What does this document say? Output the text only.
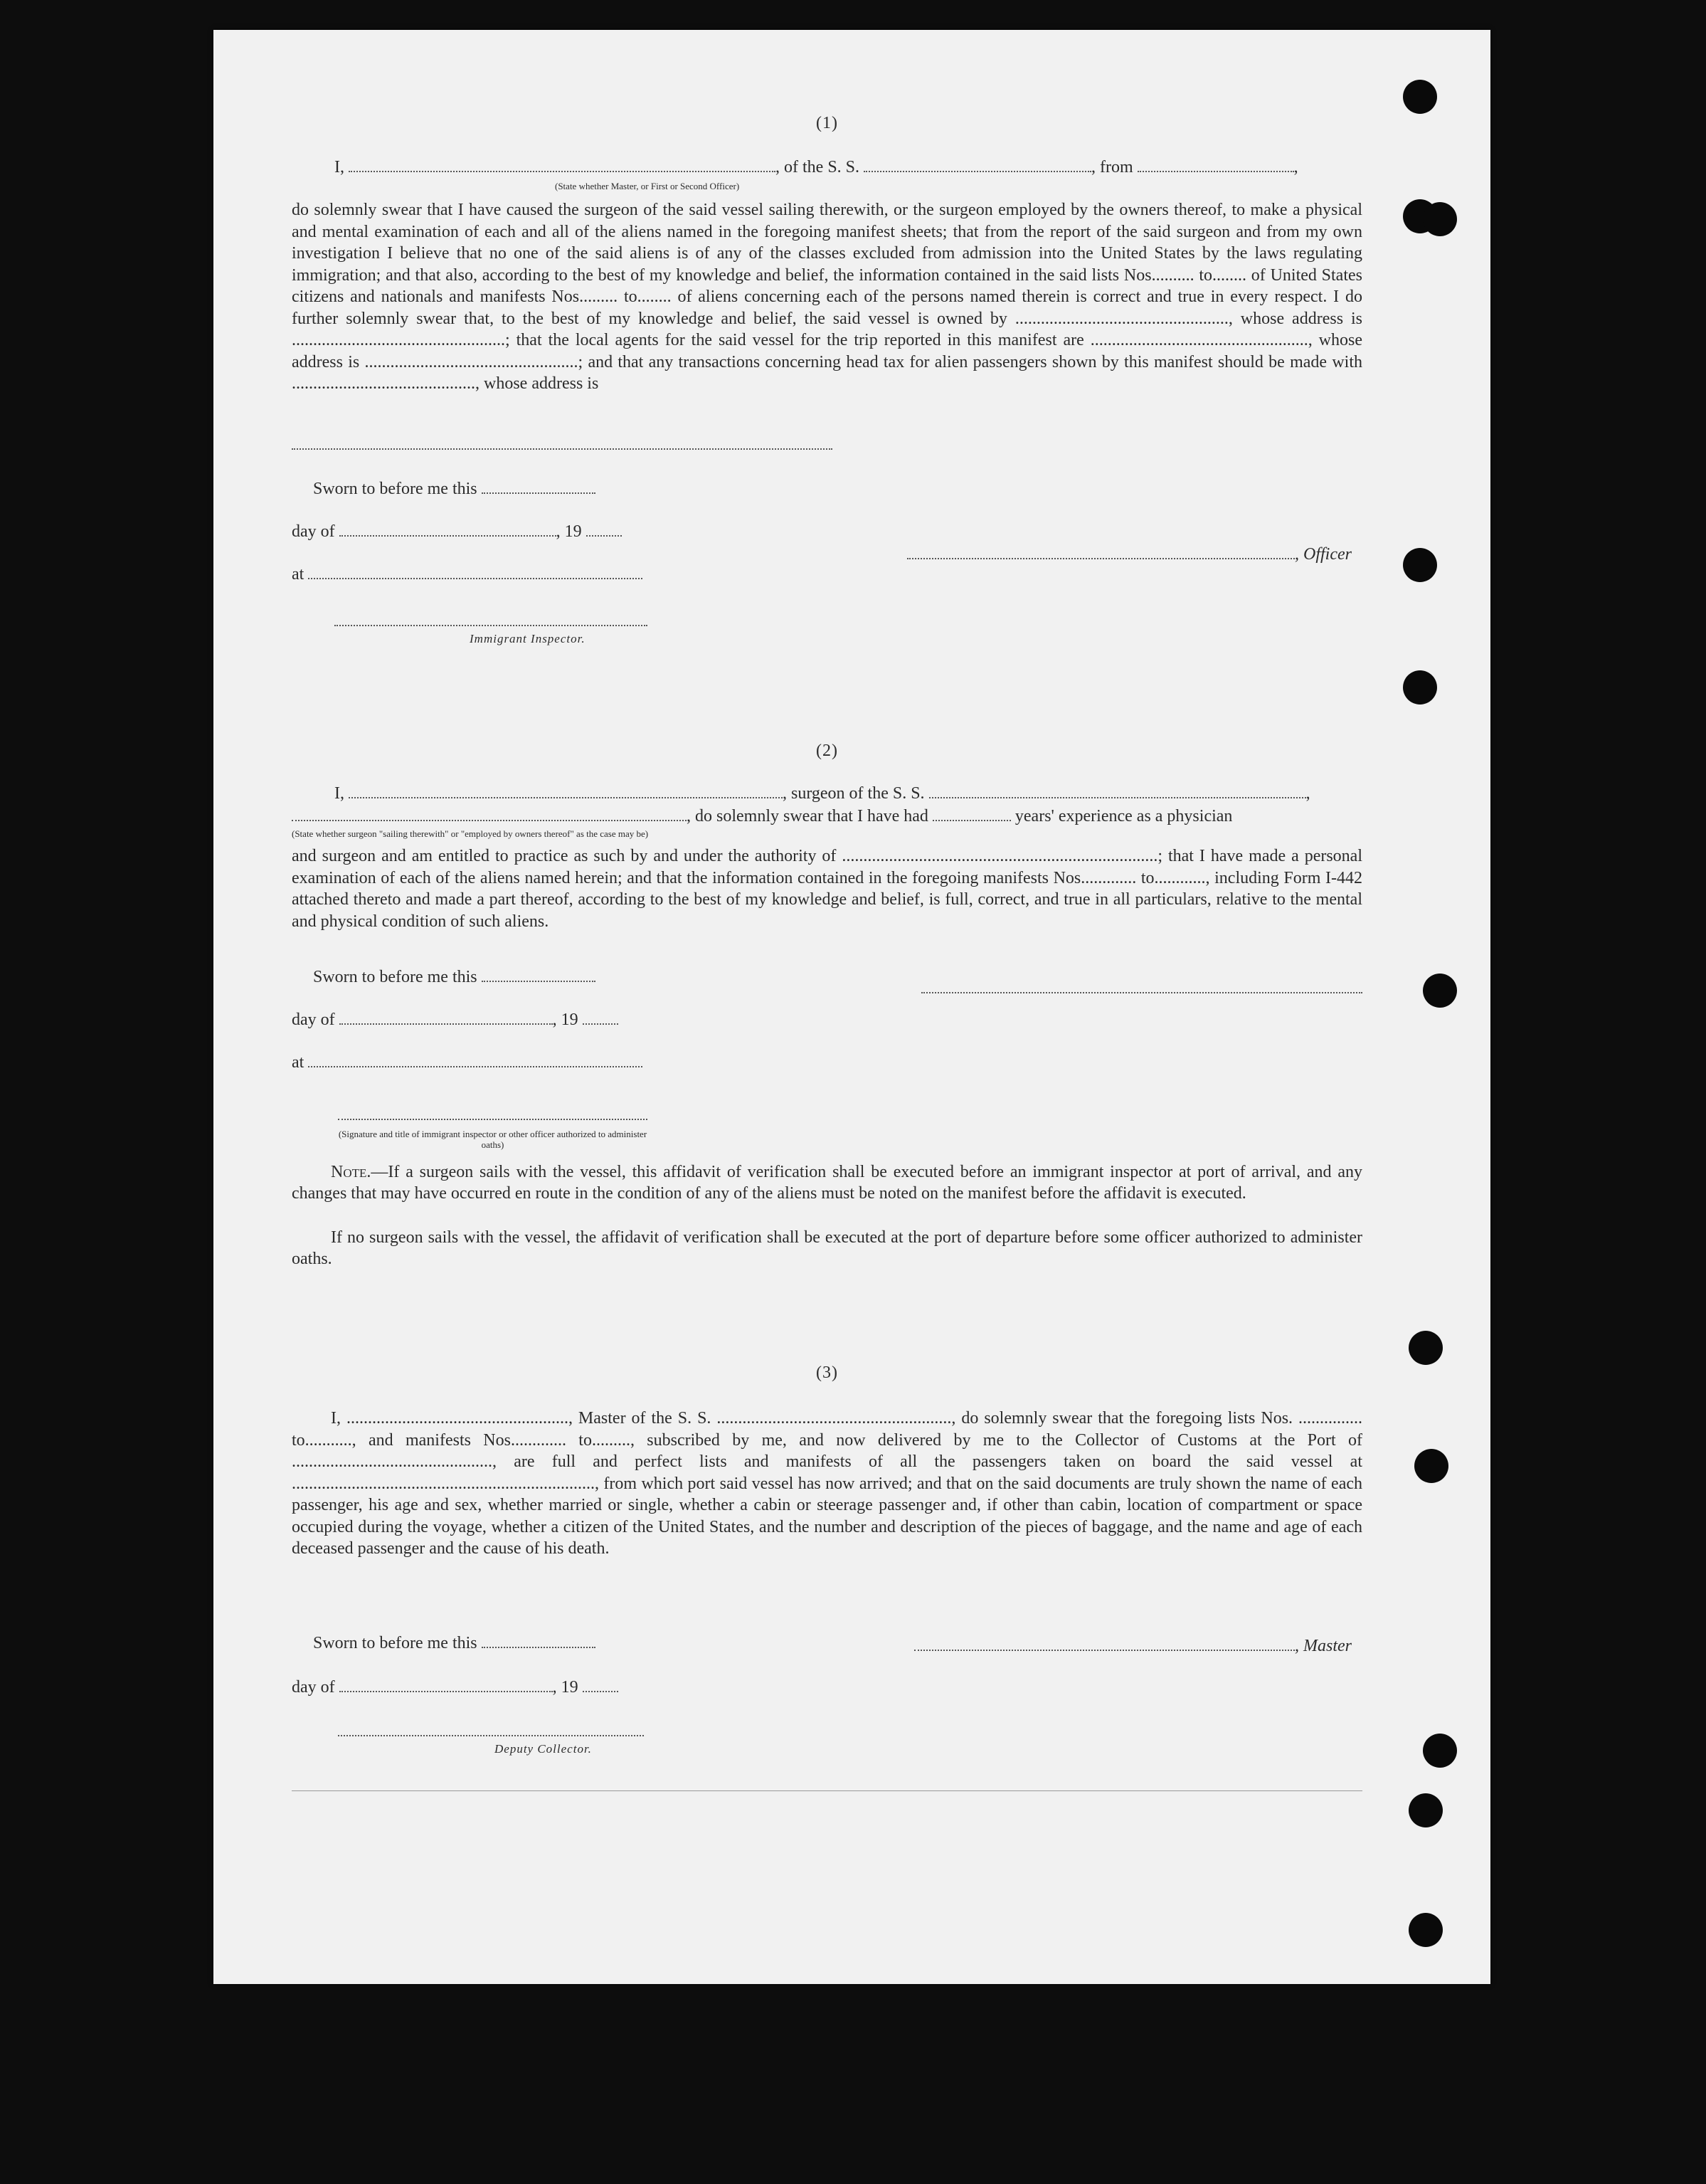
(1)
I,	, of the S. S.	, from	,
(State whether Master, or First or Second Officer)

do solemnly swear that I have caused the surgeon of the said vessel sailing therewith, or the surgeon employed by the owners thereof, to make a physical and mental examination of each and all of the aliens named in the foregoing manifest sheets; that from the report of the said surgeon and from my own investigation I believe that no one of the said aliens is of any of the classes excluded from admission into the United States by the laws regulating immigration; and that also, according to the best of my knowledge and belief, the information contained in the said lists Nos.......... to........ of United States citizens and nationals and manifests Nos......... to........ of aliens concerning each of the persons named therein is correct and true in every respect. I do further solemnly swear that, to the best of my knowledge and belief, the said vessel is owned by .................................................., whose address is ..................................................; that the local agents for the said vessel for the trip reported in this manifest are ..................................................., whose address is ..................................................; and that any transactions concerning head tax for alien passengers shown by this manifest should be made with ..........................................., whose address is

Sworn to before me this
day of	, 19
at
, Officer
Immigrant Inspector.
(2)
I,	, surgeon of the S. S.	,
, do solemnly swear that I have had	years' experience as a physician
(State whether surgeon "sailing therewith" or "employed by owners thereof" as the case may be)

and surgeon and am entitled to practice as such by and under the authority of ..........................................................................; that I have made a personal examination of each of the aliens named herein; and that the information contained in the foregoing manifests Nos............. to............, including Form I-442 attached thereto and made a part thereof, according to the best of my knowledge and belief, is full, correct, and true in all particulars, relative to the mental and physical condition of such aliens.

Sworn to before me this
day of	, 19
at
(Signature and title of immigrant inspector or other officer authorized to administer oaths)

Note.—If a surgeon sails with the vessel, this affidavit of verification shall be executed before an immigrant inspector at port of arrival, and any changes that may have occurred en route in the condition of any of the aliens must be noted on the manifest before the affidavit is executed.

If no surgeon sails with the vessel, the affidavit of verification shall be executed at the port of departure before some officer authorized to administer oaths.

(3)

I, ...................................................., Master of the S. S. ......................................................., do solemnly swear that the foregoing lists Nos. ............... to..........., and manifests Nos............. to........., subscribed by me, and now delivered by me to the Collector of Customs at the Port of ..............................................., are full and perfect lists and manifests of all the passengers taken on board the said vessel at ......................................................................., from which port said vessel has now arrived; and that on the said documents are truly shown the name of each passenger, his age and sex, whether married or single, whether a cabin or steerage passenger and, if other than cabin, location of compartment or space occupied during the voyage, whether a citizen of the United States, and the number and description of the pieces of baggage, and the name and age of each deceased passenger and the cause of his death.

Sworn to before me this	, Master
day of	, 19
Deputy Collector.
